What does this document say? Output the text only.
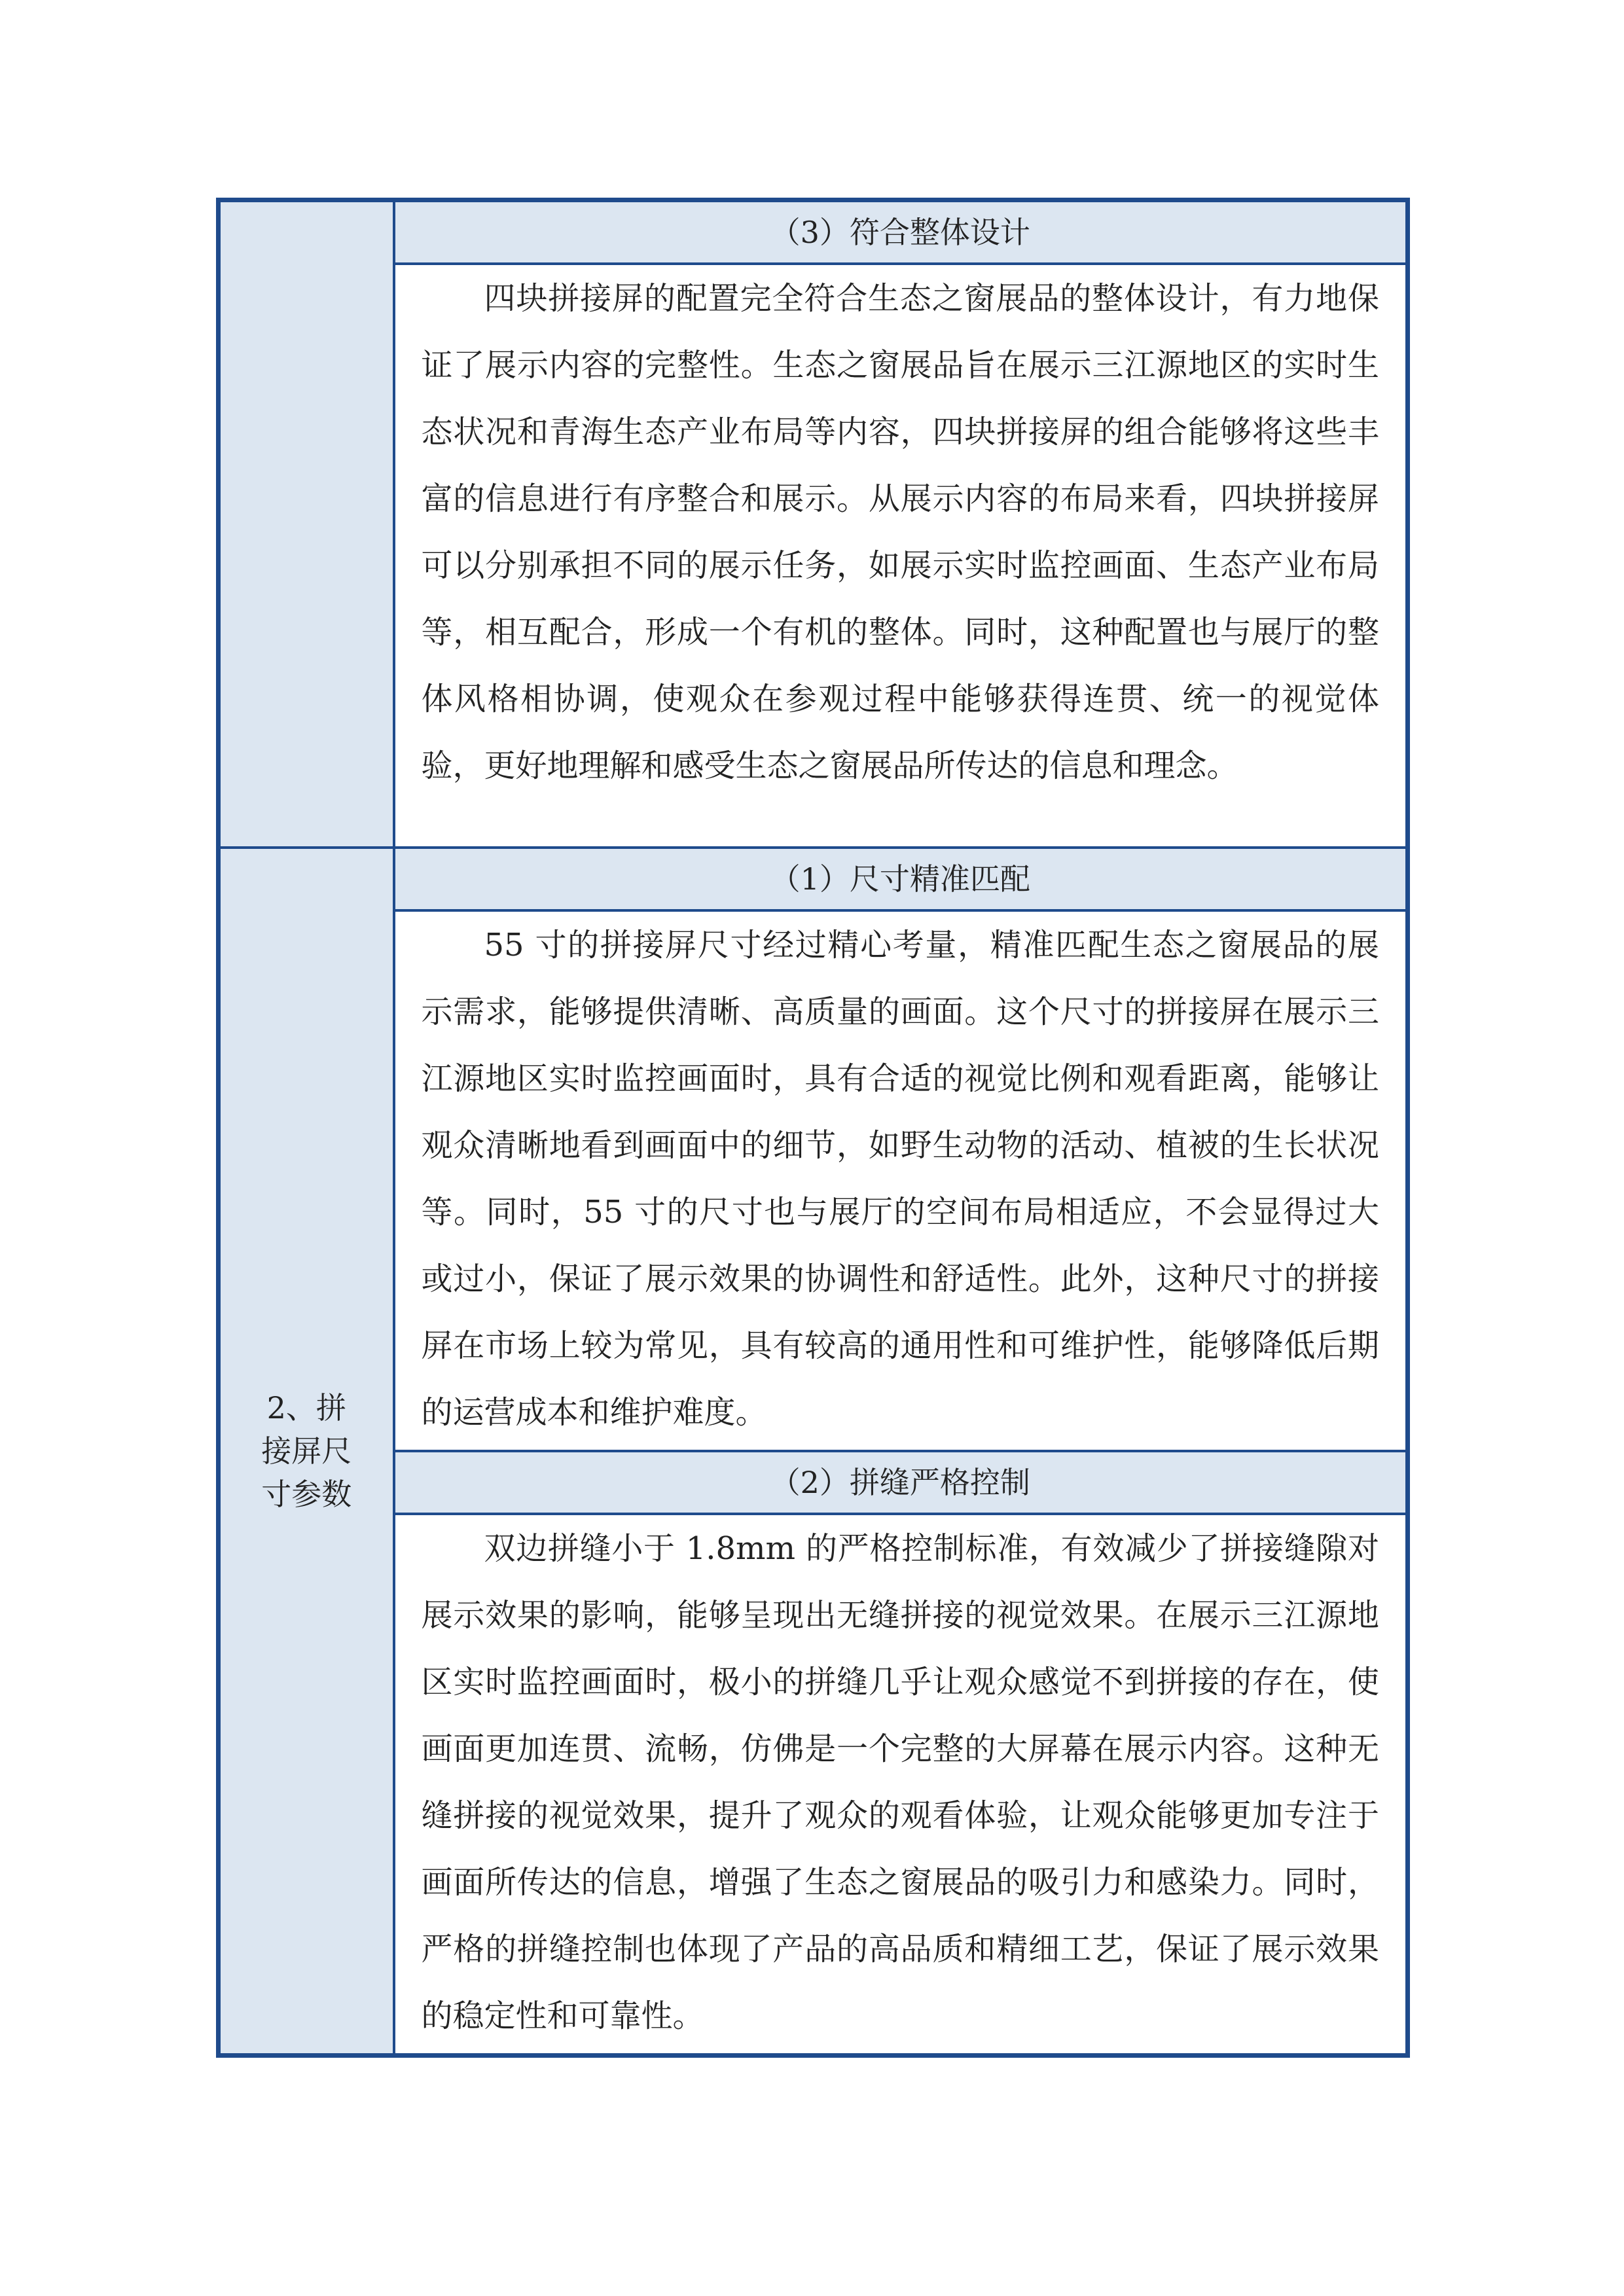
	（3）符合整体设计

	四块拼接屏的配置完全符合生态之窗展品的整体设计，有力地保证了展示内容的完整性。生态之窗展品旨在展示三江源地区的实时生态状况和青海生态产业布局等内容，四块拼接屏的组合能够将这些丰富的信息进行有序整合和展示。从展示内容的布局来看，四块拼接屏可以分别承担不同的展示任务，如展示实时监控画面、生态产业布局等，相互配合，形成一个有机的整体。同时，这种配置也与展厅的整体风格相协调，使观众在参观过程中能够获得连贯、统一的视觉体验，更好地理解和感受生态之窗展品所传达的信息和理念。

2、拼接屏尺寸参数	（1）尺寸精准匹配

	55 寸的拼接屏尺寸经过精心考量，精准匹配生态之窗展品的展示需求，能够提供清晰、高质量的画面。这个尺寸的拼接屏在展示三江源地区实时监控画面时，具有合适的视觉比例和观看距离，能够让观众清晰地看到画面中的细节，如野生动物的活动、植被的生长状况等。同时，55 寸的尺寸也与展厅的空间布局相适应，不会显得过大或过小，保证了展示效果的协调性和舒适性。此外，这种尺寸的拼接屏在市场上较为常见，具有较高的通用性和可维护性，能够降低后期的运营成本和维护难度。

	（2）拼缝严格控制

	双边拼缝小于 1.8mm 的严格控制标准，有效减少了拼接缝隙对展示效果的影响，能够呈现出无缝拼接的视觉效果。在展示三江源地区实时监控画面时，极小的拼缝几乎让观众感觉不到拼接的存在，使画面更加连贯、流畅，仿佛是一个完整的大屏幕在展示内容。这种无缝拼接的视觉效果，提升了观众的观看体验，让观众能够更加专注于画面所传达的信息，增强了生态之窗展品的吸引力和感染力。同时，严格的拼缝控制也体现了产品的高品质和精细工艺，保证了展示效果的稳定性和可靠性。
